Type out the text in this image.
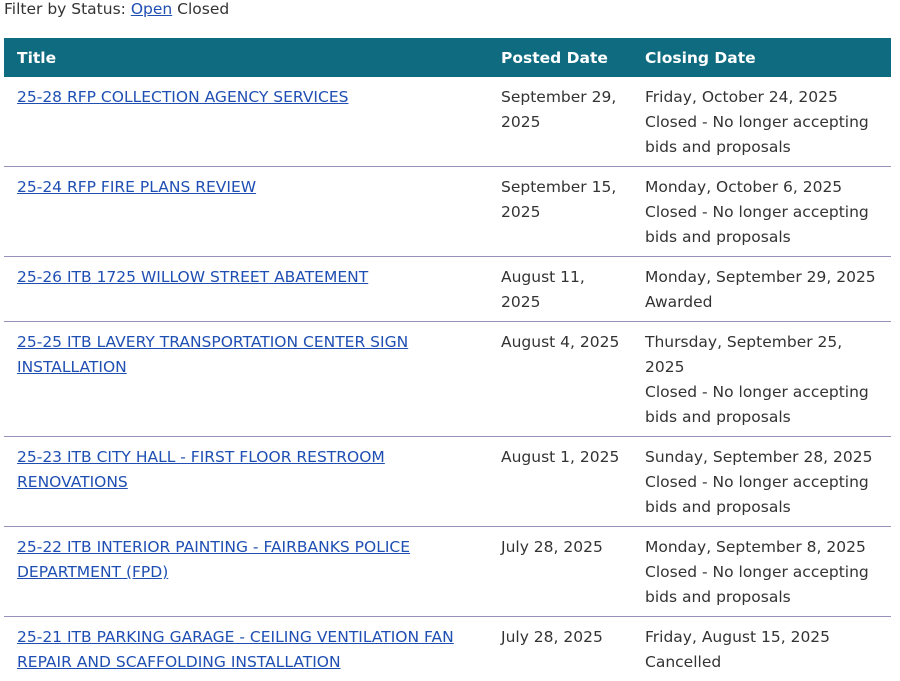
Filter by Status: Open Closed
Title	Posted Date	Closing Date
25-28 RFP COLLECTION AGENCY SERVICES	September 29, 2025	Friday, October 24, 2025
Closed - No longer accepting bids and proposals

25-24 RFP FIRE PLANS REVIEW	September 15, 2025	Monday, October 6, 2025
Closed - No longer accepting bids and proposals

25-26 ITB 1725 WILLOW STREET ABATEMENT	August 11, 2025	Monday, September 29, 2025
Awarded

25-25 ITB LAVERY TRANSPORTATION CENTER SIGN INSTALLATION	August 4, 2025	Thursday, September 25, 2025
Closed - No longer accepting bids and proposals

25-23 ITB CITY HALL - FIRST FLOOR RESTROOM RENOVATIONS	August 1, 2025	Sunday, September 28, 2025
Closed - No longer accepting bids and proposals

25-22 ITB INTERIOR PAINTING - FAIRBANKS POLICE DEPARTMENT (FPD)	July 28, 2025	Monday, September 8, 2025
Closed - No longer accepting bids and proposals

25-21 ITB PARKING GARAGE - CEILING VENTILATION FAN REPAIR AND SCAFFOLDING INSTALLATION	July 28, 2025	Friday, August 15, 2025
Cancelled
